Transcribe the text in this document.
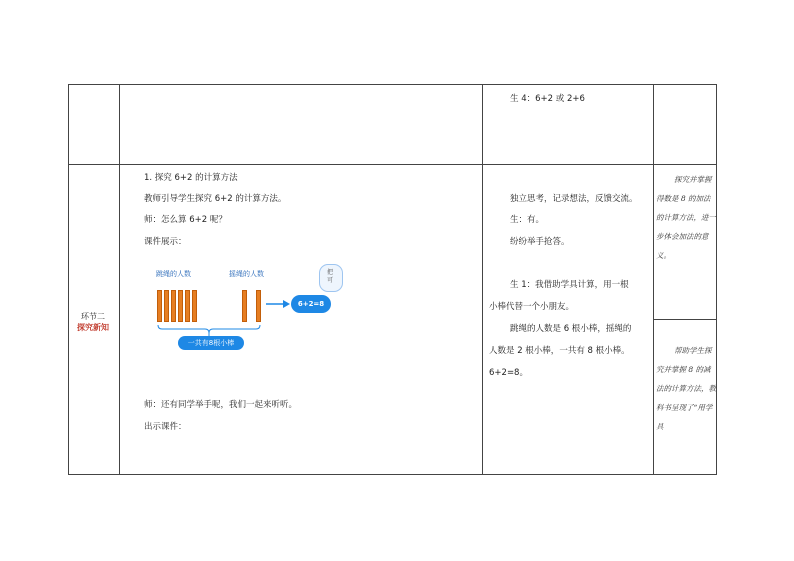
生 4：6+2 或 2+6
环节二
探究新知
1. 探究 6+2 的计算方法
教师引导学生探究 6+2 的计算方法。
师：怎么算 6+2 呢？
课件展示：
跳绳的人数	摇绳的人数
6+2=8
一共有8根小棒
把可
师：还有同学举手呢，我们一起来听听。
出示课件：
独立思考，记录想法，反馈交流。
生：有。
纷纷举手抢答。
生 1：我借助学具计算，用一根
小棒代替一个小朋友。
跳绳的人数是 6 根小棒，摇绳的
人数是 2 根小棒，一共有 8 根小棒。
6+2=8。
探究并掌握得数是 8 的加法的计算方法，进一步体会加法的意义。
帮助学生探究并掌握 8 的减法的计算方法，教科书呈现了“用学具
